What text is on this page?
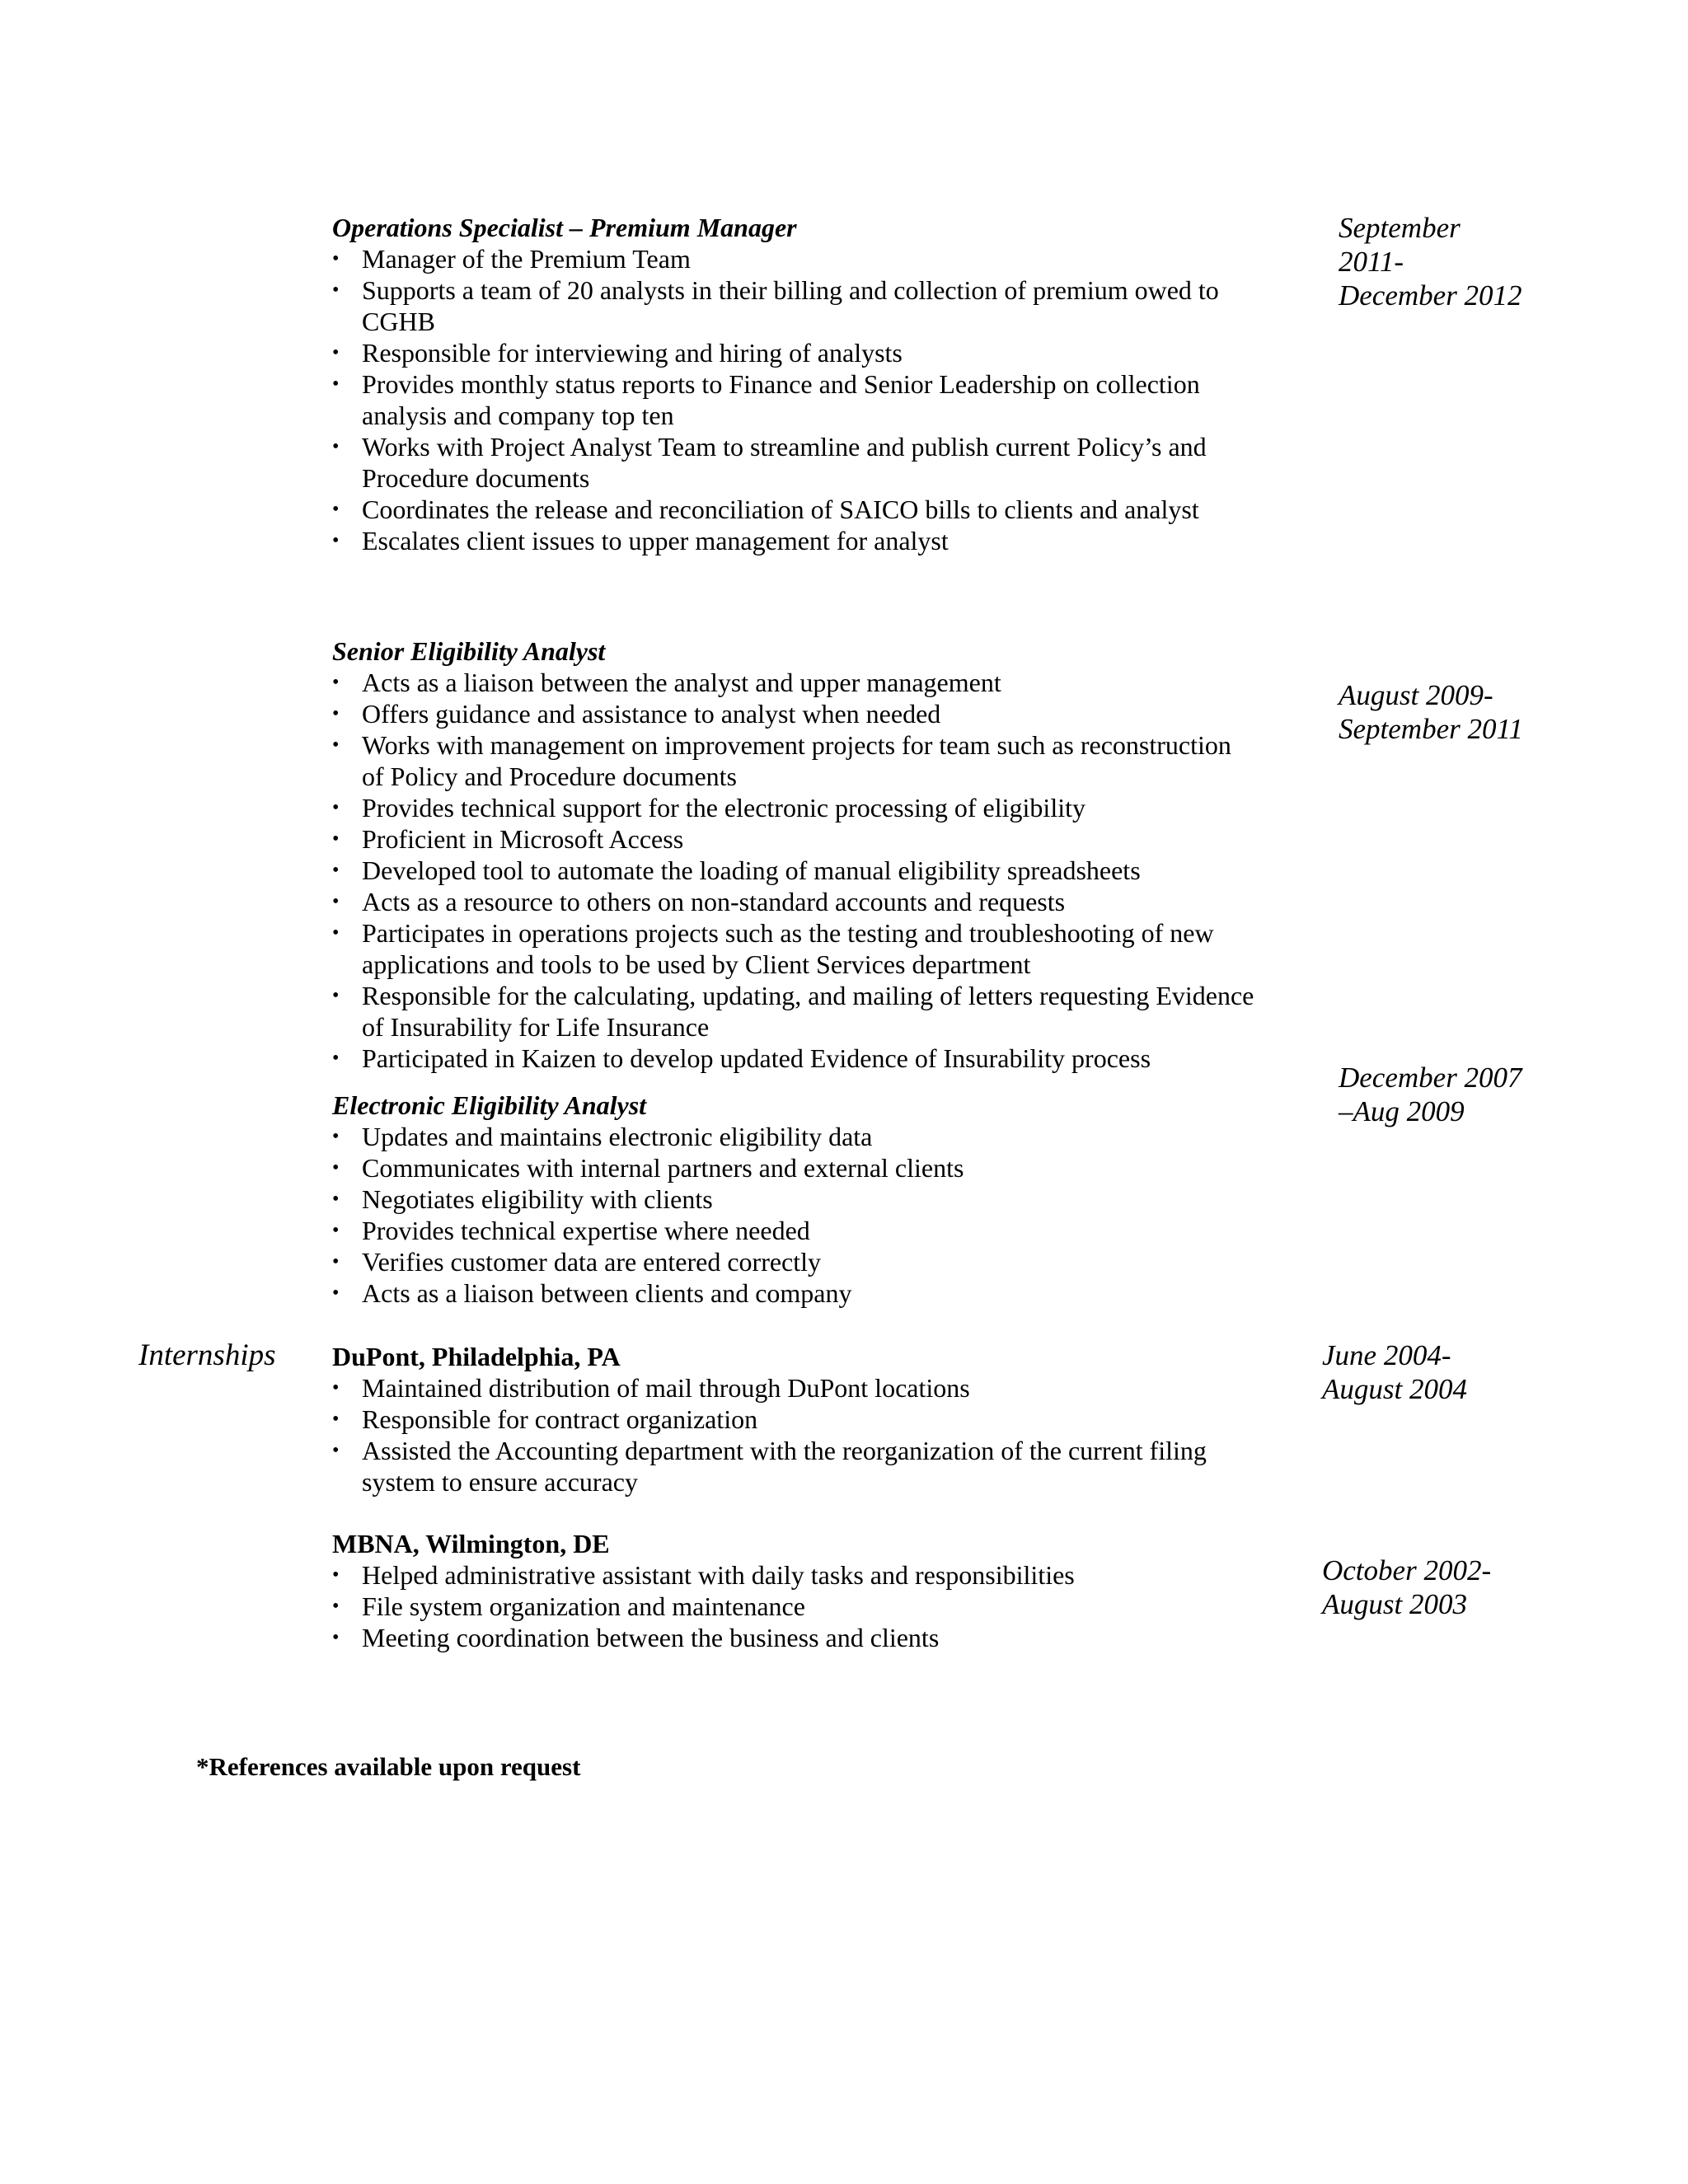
Operations Specialist – Premium Manager

• Manager of the Premium Team
• Supports a team of 20 analysts in their billing and collection of premium owed to CGHB
• Responsible for interviewing and hiring of analysts
• Provides monthly status reports to Finance and Senior Leadership on collection analysis and company top ten
• Works with Project Analyst Team to streamline and publish current Policy’s and Procedure documents
• Coordinates the release and reconciliation of SAICO bills to clients and analyst
• Escalates client issues to upper management for analyst
September
2011-
December 2012

Senior Eligibility Analyst

• Acts as a liaison between the analyst and upper management
• Offers guidance and assistance to analyst when needed
• Works with management on improvement projects for team such as reconstruction of Policy and Procedure documents
• Provides technical support for the electronic processing of eligibility
• Proficient in Microsoft Access
• Developed tool to automate the loading of manual eligibility spreadsheets
• Acts as a resource to others on non-standard accounts and requests
• Participates in operations projects such as the testing and troubleshooting of new applications and tools to be used by Client Services department
• Responsible for the calculating, updating, and mailing of letters requesting Evidence of Insurability for Life Insurance
• Participated in Kaizen to develop updated Evidence of Insurability process
August 2009-
September 2011

Electronic Eligibility Analyst

• Updates and maintains electronic eligibility data
• Communicates with internal partners and external clients
• Negotiates eligibility with clients
• Provides technical expertise where needed
• Verifies customer data are entered correctly
• Acts as a liaison between clients and company
December 2007
–Aug 2009
Internships DuPont, Philadelphia, PA

• Maintained distribution of mail through DuPont locations
• Responsible for contract organization
• Assisted the Accounting department with the reorganization of the current filing system to ensure accuracy
June 2004-
August 2004

MBNA, Wilmington, DE

• Helped administrative assistant with daily tasks and responsibilities
• File system organization and maintenance
• Meeting coordination between the business and clients
October 2002-
August 2003
*References available upon request
